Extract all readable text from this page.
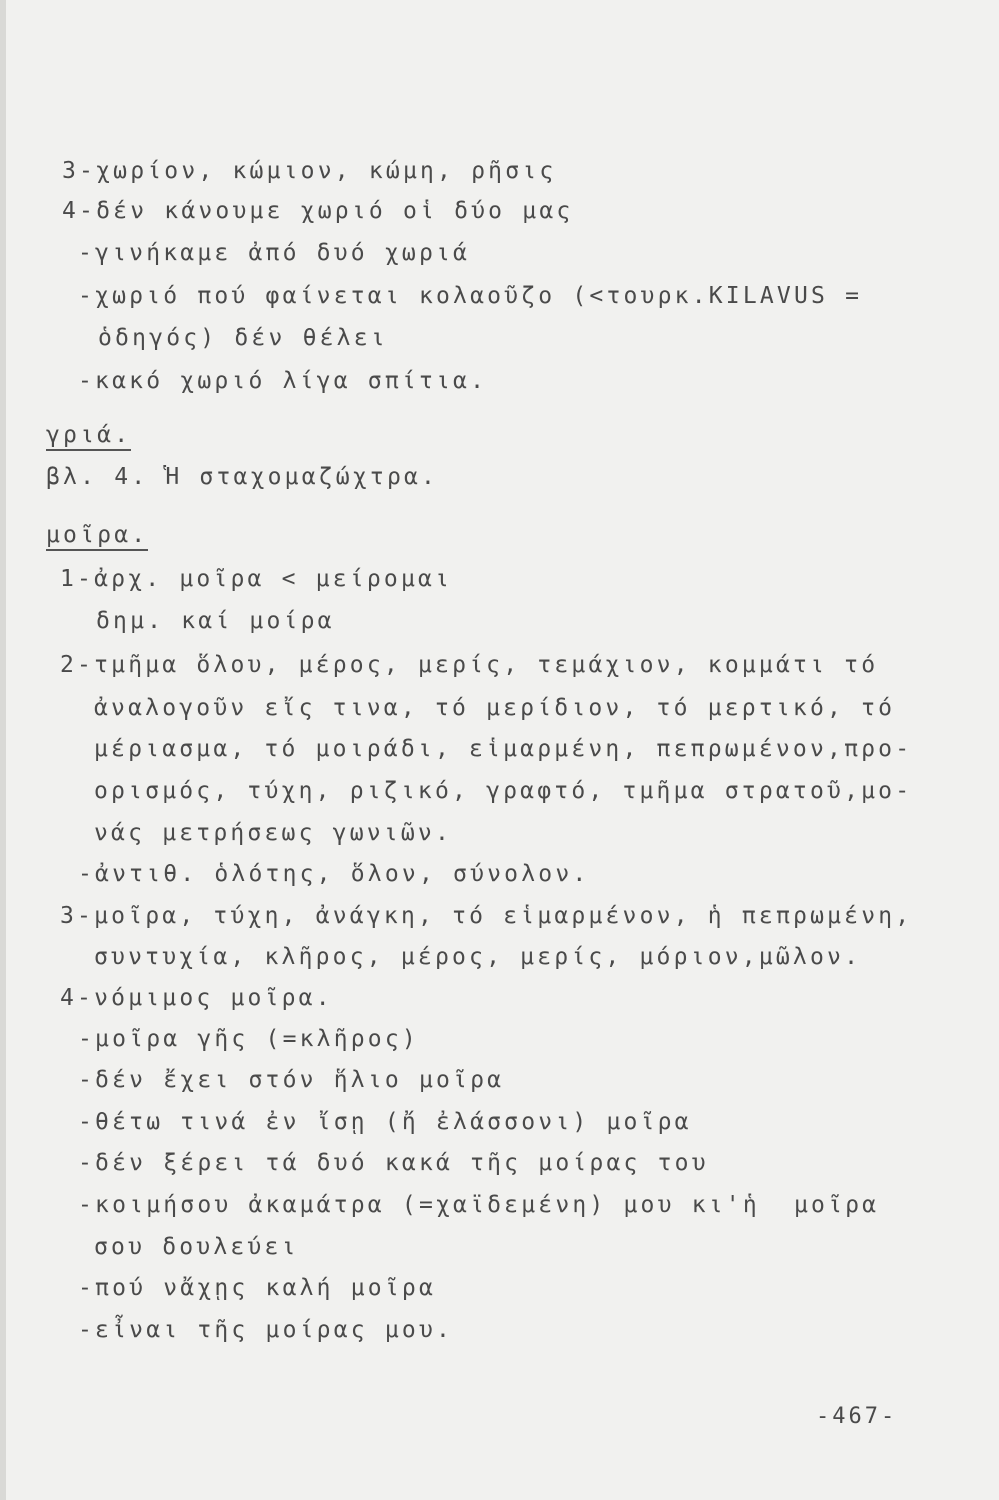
3-χωρίον, κώμιον, κώμη, ρῆσις
4-δέν κάνουμε χωριό οἱ δύο μας
-γινήκαμε ἀπό δυό χωριά
-χωριό πού φαίνεται κολαοῦζο (<τουρκ.KILAVUS =
ὁδηγός) δέν θέλει
-κακό χωριό λίγα σπίτια.
γριά.
βλ. 4. Ἡ σταχομαζώχτρα.
μοῖρα.
1-ἀρχ. μοῖρα < μείρομαι
δημ. καί μοίρα
2-τμῆμα ὅλου, μέρος, μερίς, τεμάχιον, κομμάτι τό
ἀναλογοῦν εἴς τινα, τό μερίδιον, τό μερτικό, τό
μέριασμα, τό μοιράδι, εἱμαρμένη, πεπρωμένον,προ-
ορισμός, τύχη, ριζικό, γραφτό, τμῆμα στρατοῦ,μο-
νάς μετρήσεως γωνιῶν.
-ἀντιθ. ὁλότης, ὅλον, σύνολον.
3-μοῖρα, τύχη, ἀνάγκη, τό εἱμαρμένον, ἡ πεπρωμένη,
συντυχία, κλῆρος, μέρος, μερίς, μόριον,μῶλον.
4-νόμιμος μοῖρα.
-μοῖρα γῆς (=κλῆρος)
-δέν ἔχει στόν ἥλιο μοῖρα
-θέτω τινά ἐν ἴσῃ (ἤ ἐλάσσονι) μοῖρα
-δέν ξέρει τά δυό κακά τῆς μοίρας του
-κοιμήσου ἀκαμάτρα (=χαϊδεμένη) μου κι'ἡ  μοῖρα
σου δουλεύει
-πού νἄχῃς καλή μοῖρα
-εἶναι τῆς μοίρας μου.
-467-
